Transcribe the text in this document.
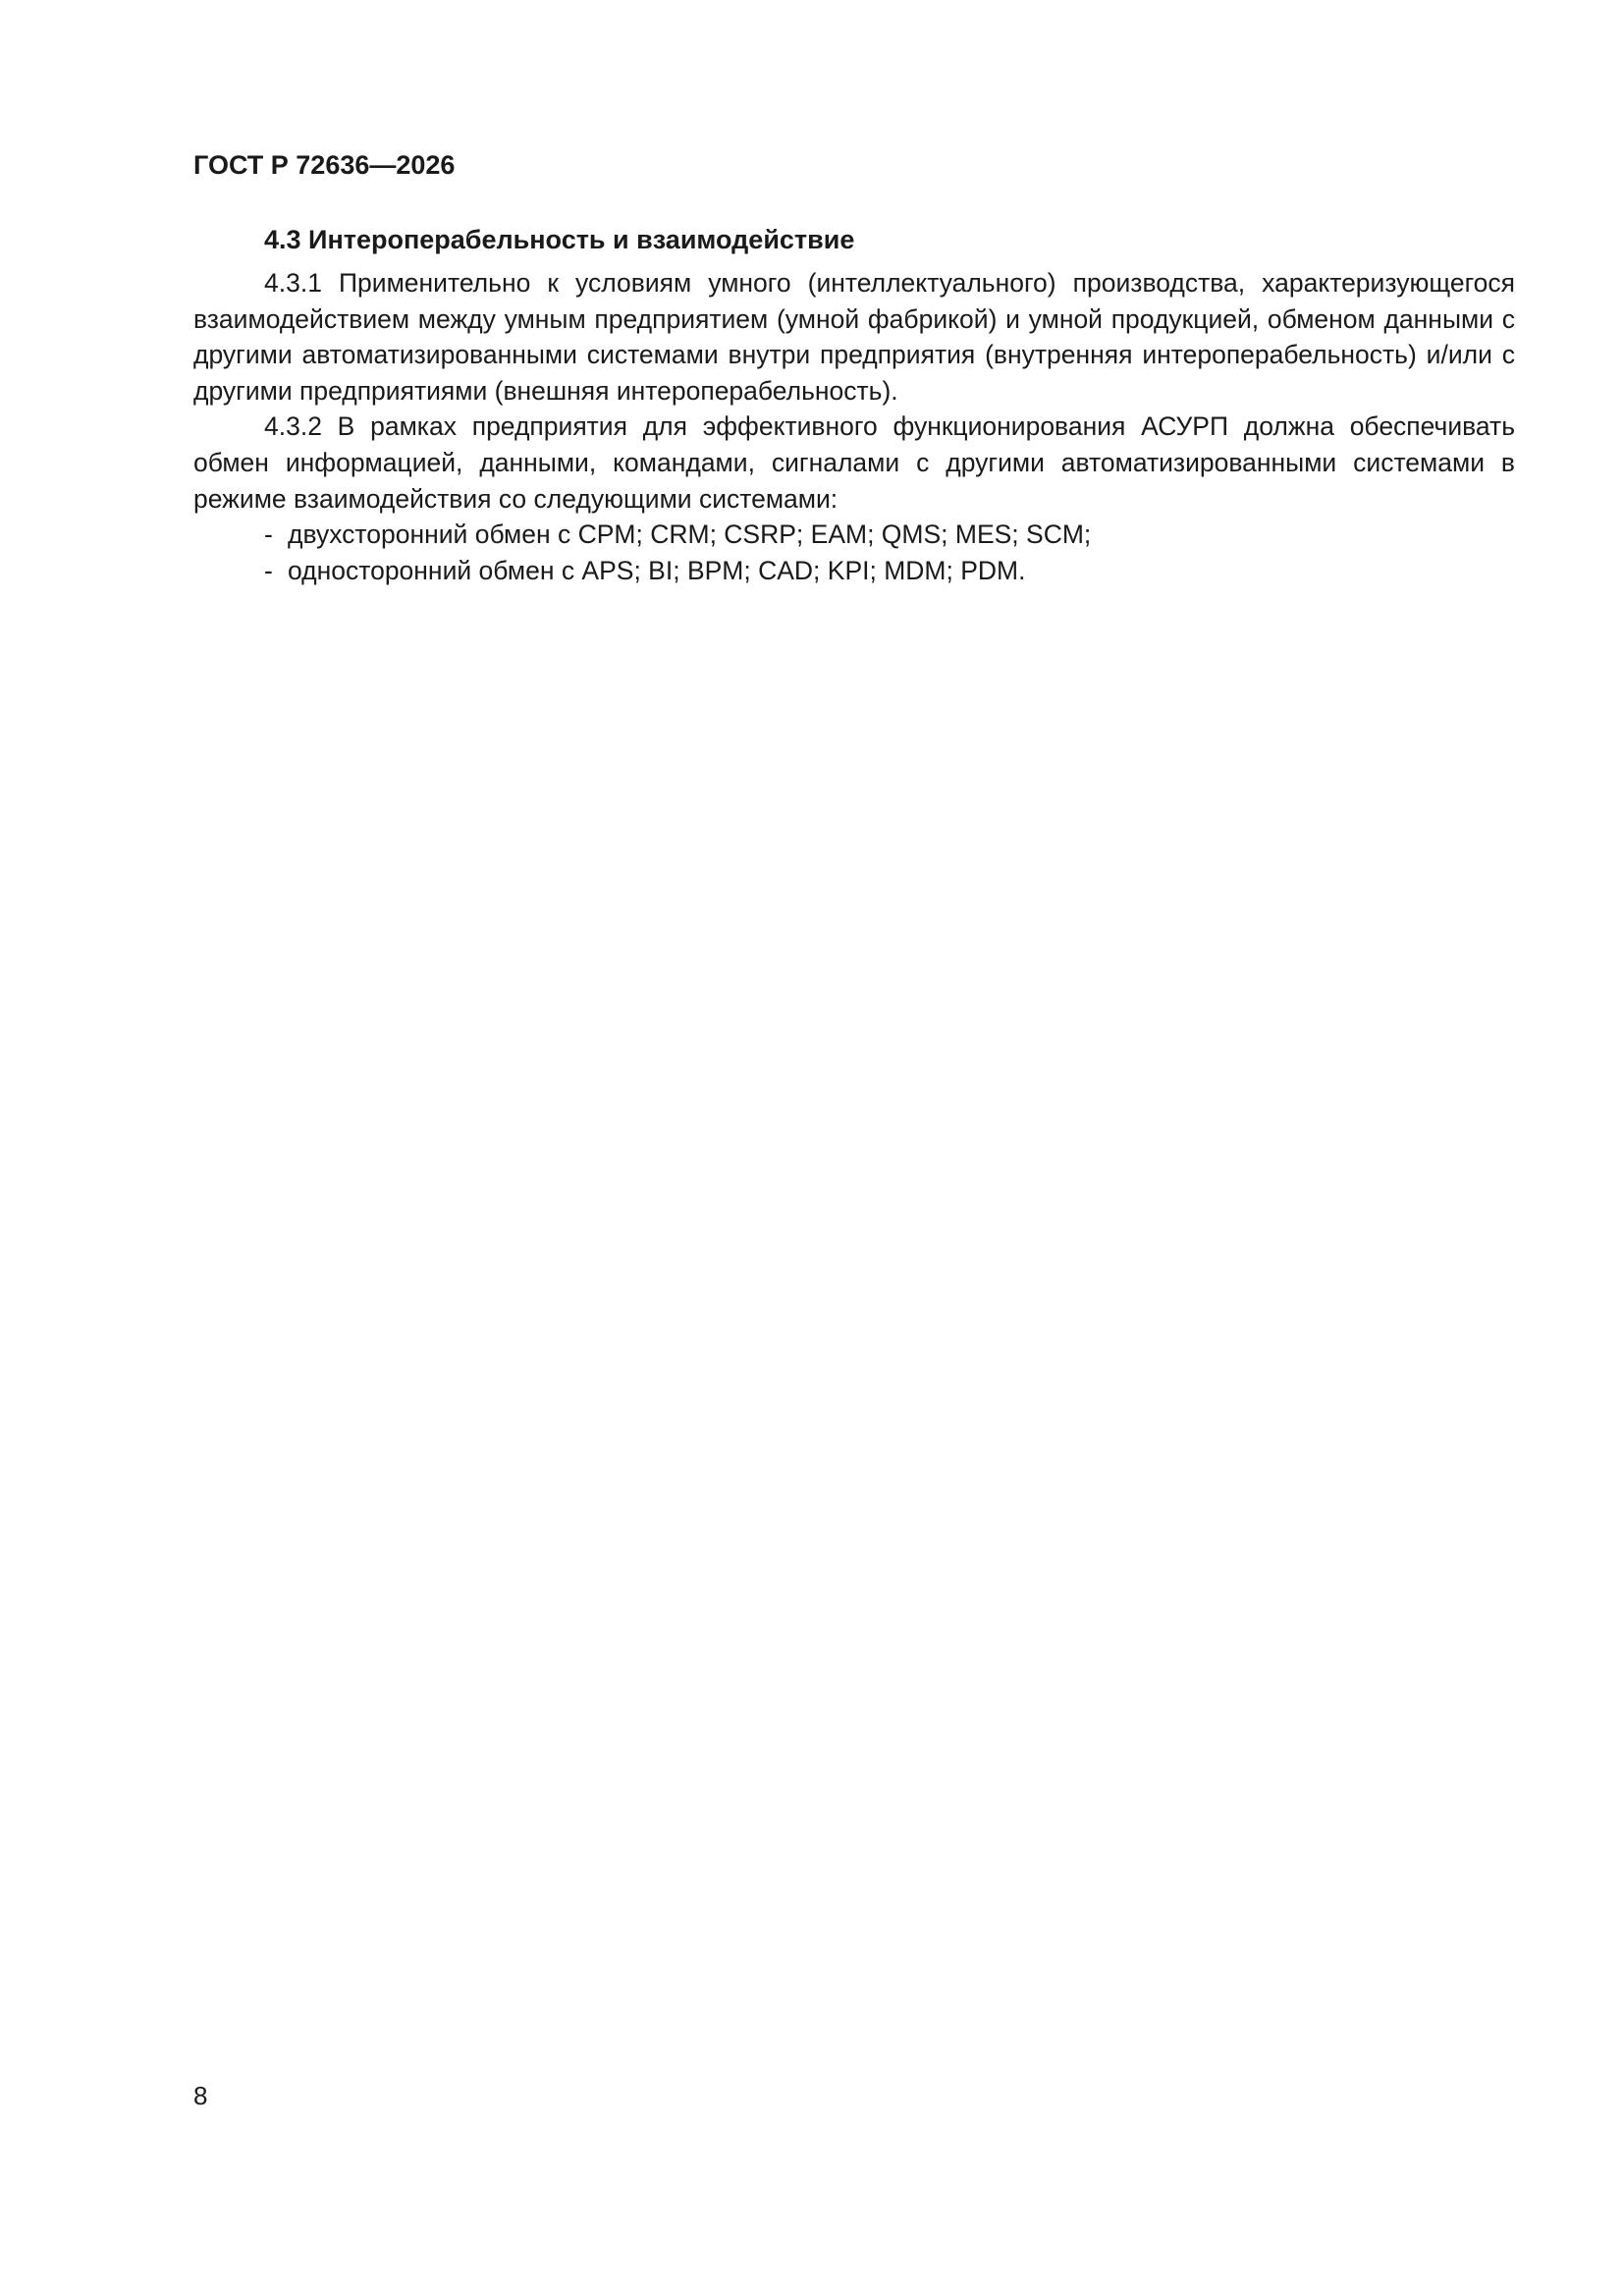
ГОСТ Р 72636—2026
4.3 Интероперабельность и взаимодействие

4.3.1 Применительно к условиям умного (интеллектуального) производства, характеризующегося взаимодействием между умным предприятием (умной фабрикой) и умной продукцией, обменом данными с другими автоматизированными системами внутри предприятия (внутренняя интероперабельность) и/или с другими предприятиями (внешняя интероперабельность).

4.3.2 В рамках предприятия для эффективного функционирования АСУРП должна обеспечивать обмен информацией, данными, командами, сигналами с другими автоматизированными системами в режиме взаимодействия со следующими системами:

- двухсторонний обмен с CPM; CRM; CSRP; EAM; QMS; MES; SCM;
- односторонний обмен с APS; BI; BPM; CAD; KPI; MDM; PDM.

8
